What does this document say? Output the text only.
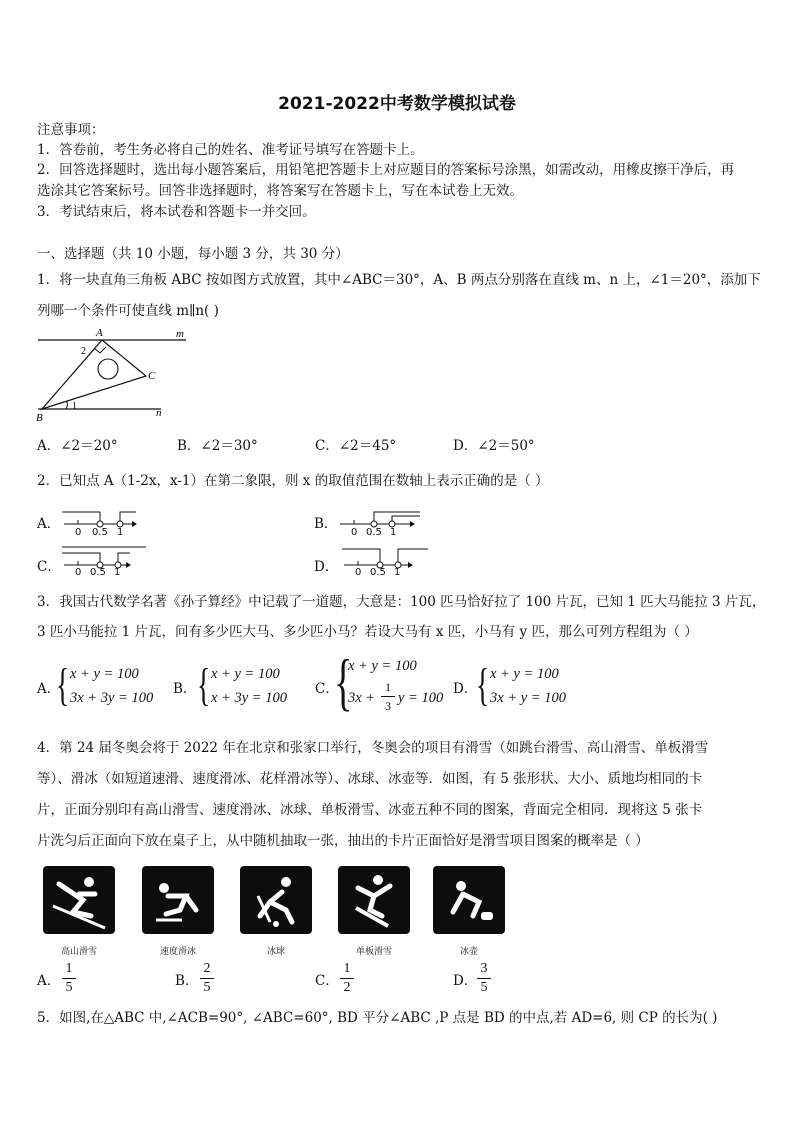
2021-2022中考数学模拟试卷
注意事项：
1．答卷前，考生务必将自己的姓名、准考证号填写在答题卡上。
2．回答选择题时，选出每小题答案后，用铅笔把答题卡上对应题目的答案标号涂黑，如需改动，用橡皮擦干净后，再
选涂其它答案标号。回答非选择题时，将答案写在答题卡上，写在本试卷上无效。
3．考试结束后，将本试卷和答题卡一并交回。
一、选择题（共 10 小题，每小题 3 分，共 30 分）
1．将一块直角三角板 ABC 按如图方式放置，其中∠ABC＝30°，A、B 两点分别落在直线 m、n 上，∠1＝20°，添加下
列哪一个条件可使直线 m∥n( )
A
B
C
m
n
1
2
A．∠2＝20°	B．∠2＝30°	C．∠2＝45°	D．∠2＝50°
2．已知点 A（1-2x，x-1）在第二象限，则 x 的取值范围在数轴上表示正确的是（ ）
A．
0 0.5 1
B．
0 0.5 1
C． 0 0.5 1	D． 0 0.5 1
3．我国古代数学名著《孙子算经》中记载了一道题，大意是：100 匹马恰好拉了 100 片瓦，已知 1 匹大马能拉 3 片瓦，
3 匹小马能拉 1 片瓦，问有多少匹大马、多少匹小马？若设大马有 x 匹，小马有 y 匹，那么可列方程组为（ ）
A．
{ x + y = 100
3x + 3y = 100
B． { x + y = 100
x + 3y = 100
C．
{
x + y = 100
3x +
1
3 y = 100
D．
{ x + y = 100
3x + y = 100
4．第 24 届冬奥会将于 2022 年在北京和张家口举行，冬奥会的项目有滑雪（如跳台滑雪、高山滑雪、单板滑雪
等）、滑冰（如短道速滑、速度滑冰、花样滑冰等）、冰球、冰壶等．如图，有 5 张形状、大小、质地均相同的卡
片，正面分别印有高山滑雪、速度滑冰、冰球、单板滑雪、冰壶五种不同的图案，背面完全相同．现将这 5 张卡
片洗匀后正面向下放在桌子上，从中随机抽取一张，抽出的卡片正面恰好是滑雪项目图案的概率是（ ）
高山滑雪	速度滑冰	冰球	单板滑雪	冰壶
A．
1
5	B．
2
5	C．
1
2	D．
3
5
5．如图,在△ABC 中,∠ACB=90°, ∠ABC=60°, BD 平分∠ABC ,P 点是 BD 的中点,若 AD=6, 则 CP 的长为( )
